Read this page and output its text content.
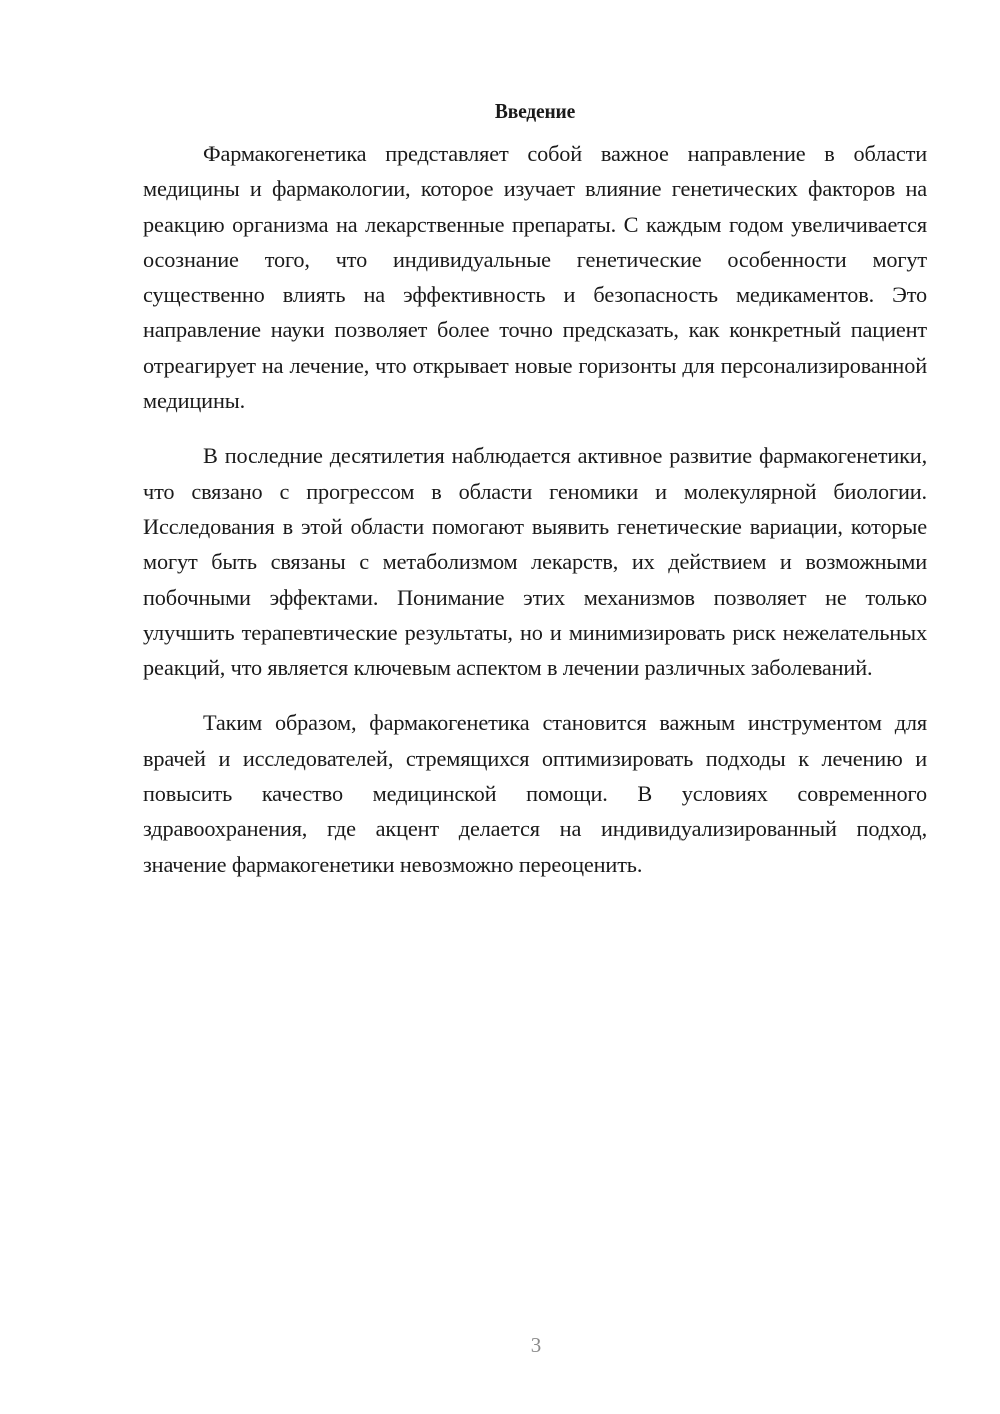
Введение

Фармакогенетика представляет собой важное направление в области медицины и фармакологии, которое изучает влияние генетических факторов на реакцию организма на лекарственные препараты. С каждым годом увеличивается осознание того, что индивидуальные генетические особенности могут существенно влиять на эффективность и безопасность медикаментов. Это направление науки позволяет более точно предсказать, как конкретный пациент отреагирует на лечение, что открывает новые горизонты для персонализированной медицины.

В последние десятилетия наблюдается активное развитие фармакогенетики, что связано с прогрессом в области геномики и молекулярной биологии. Исследования в этой области помогают выявить генетические вариации, которые могут быть связаны с метаболизмом лекарств, их действием и возможными побочными эффектами. Понимание этих механизмов позволяет не только улучшить терапевтические результаты, но и минимизировать риск нежелательных реакций, что является ключевым аспектом в лечении различных заболеваний.

Таким образом, фармакогенетика становится важным инструментом для врачей и исследователей, стремящихся оптимизировать подходы к лечению и повысить качество медицинской помощи. В условиях современного здравоохранения, где акцент делается на индивидуализированный подход, значение фармакогенетики невозможно переоценить.

3
